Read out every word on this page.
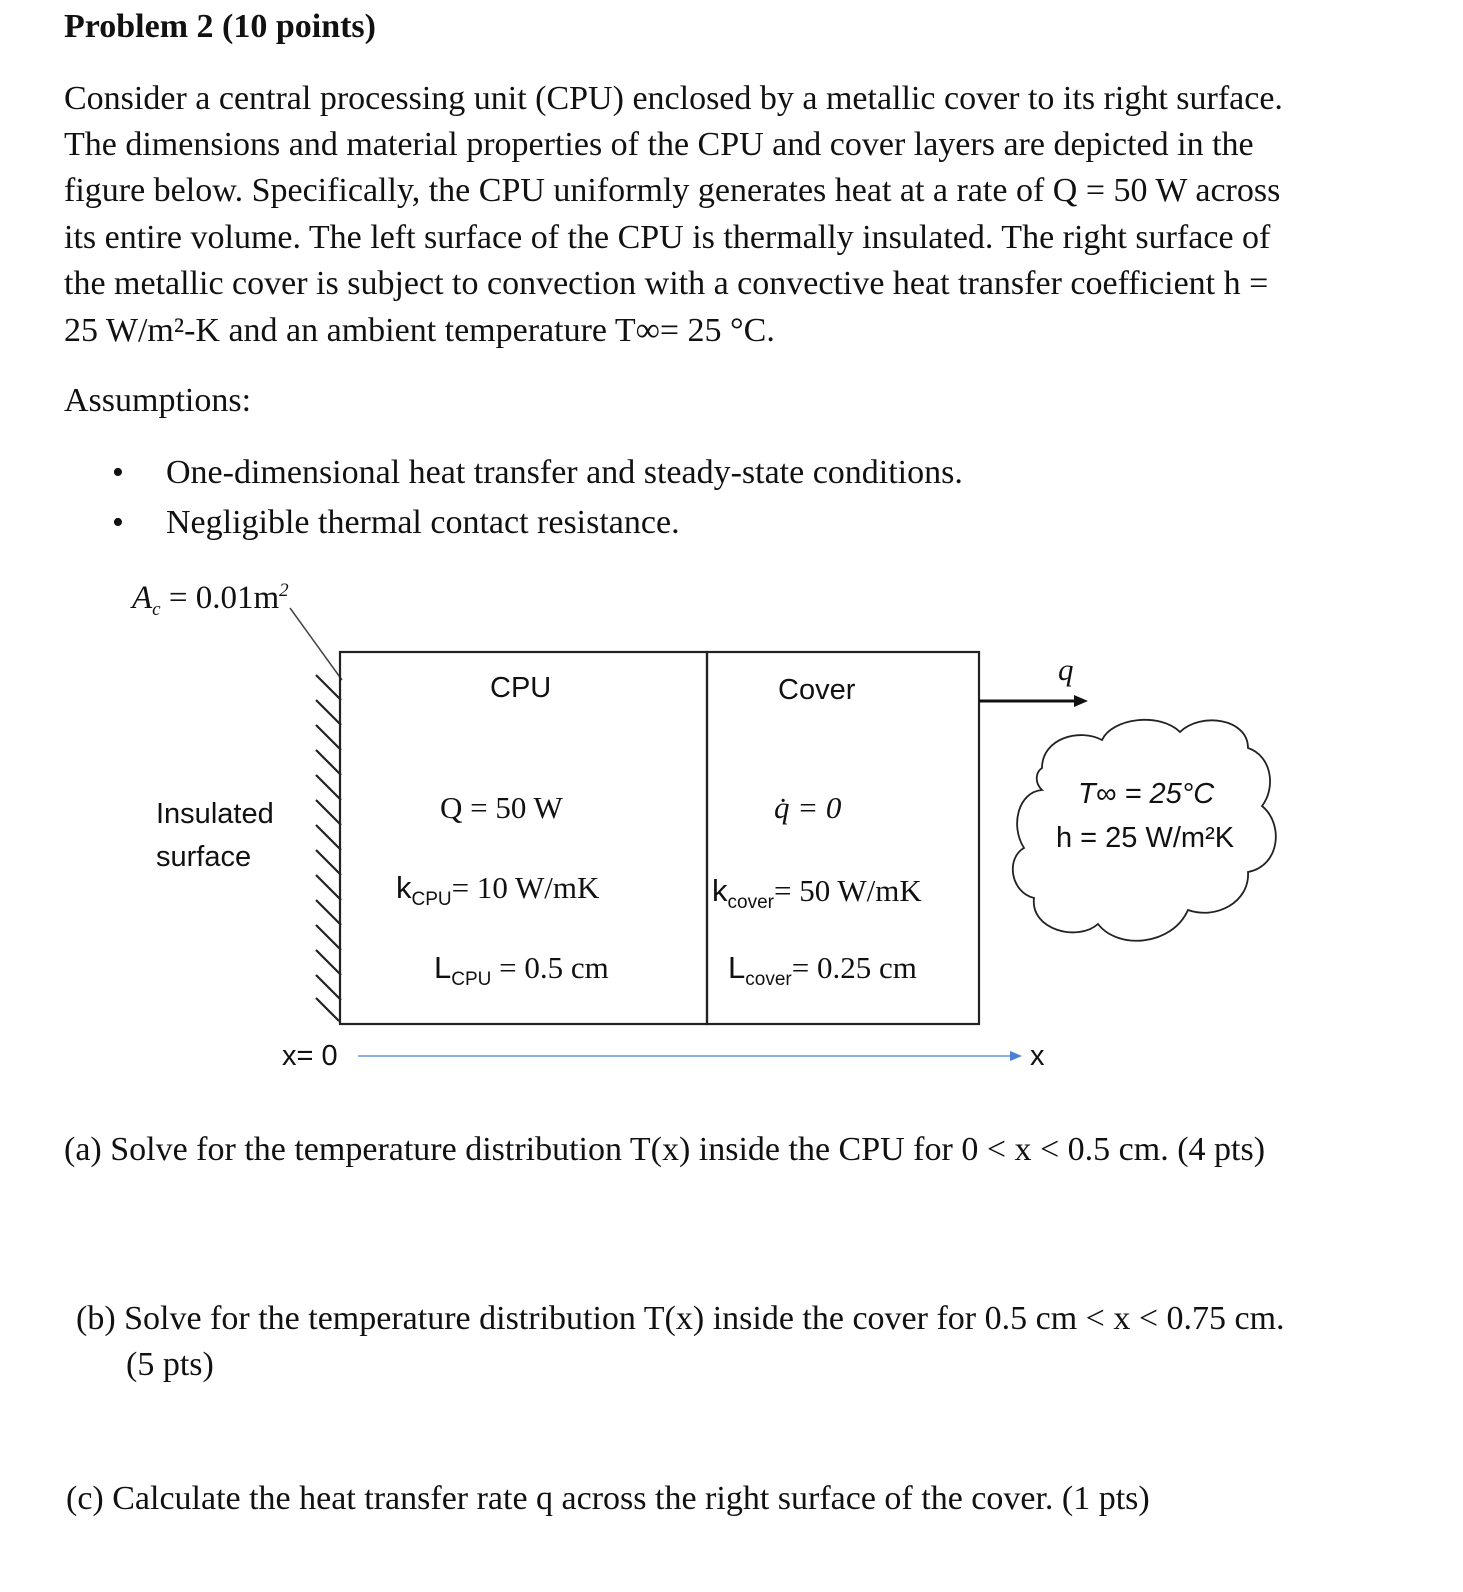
Problem 2 (10 points)
Consider a central processing unit (CPU) enclosed by a metallic cover to its right surface.
The dimensions and material properties of the CPU and cover layers are depicted in the
figure below. Specifically, the CPU uniformly generates heat at a rate of Q = 50 W across
its entire volume. The left surface of the CPU is thermally insulated. The right surface of
the metallic cover is subject to convection with a convective heat transfer coefficient h =
25 W/m²-K and an ambient temperature T∞= 25 °C.
Assumptions:
• One-dimensional heat transfer and steady-state conditions.
• Negligible thermal contact resistance.
$A_c = 0.01m^2$
Insulated
surface
CPU	Cover
Q = 50 W	q̇ = 0
$k_{CPU}= 10$ W/mK	$k_{cover}= 50$ W/mK
$L_{CPU} = 0.5$ cm	$L_{cover}= 0.25$ cm
q
T∞ = 25°C
h = 25 W/m²K
x= 0	x
(a) Solve for the temperature distribution T(x) inside the CPU for 0 < x < 0.5 cm. (4 pts)
(b) Solve for the temperature distribution T(x) inside the cover for 0.5 cm < x < 0.75 cm.
(5 pts)
(c) Calculate the heat transfer rate q across the right surface of the cover. (1 pts)
